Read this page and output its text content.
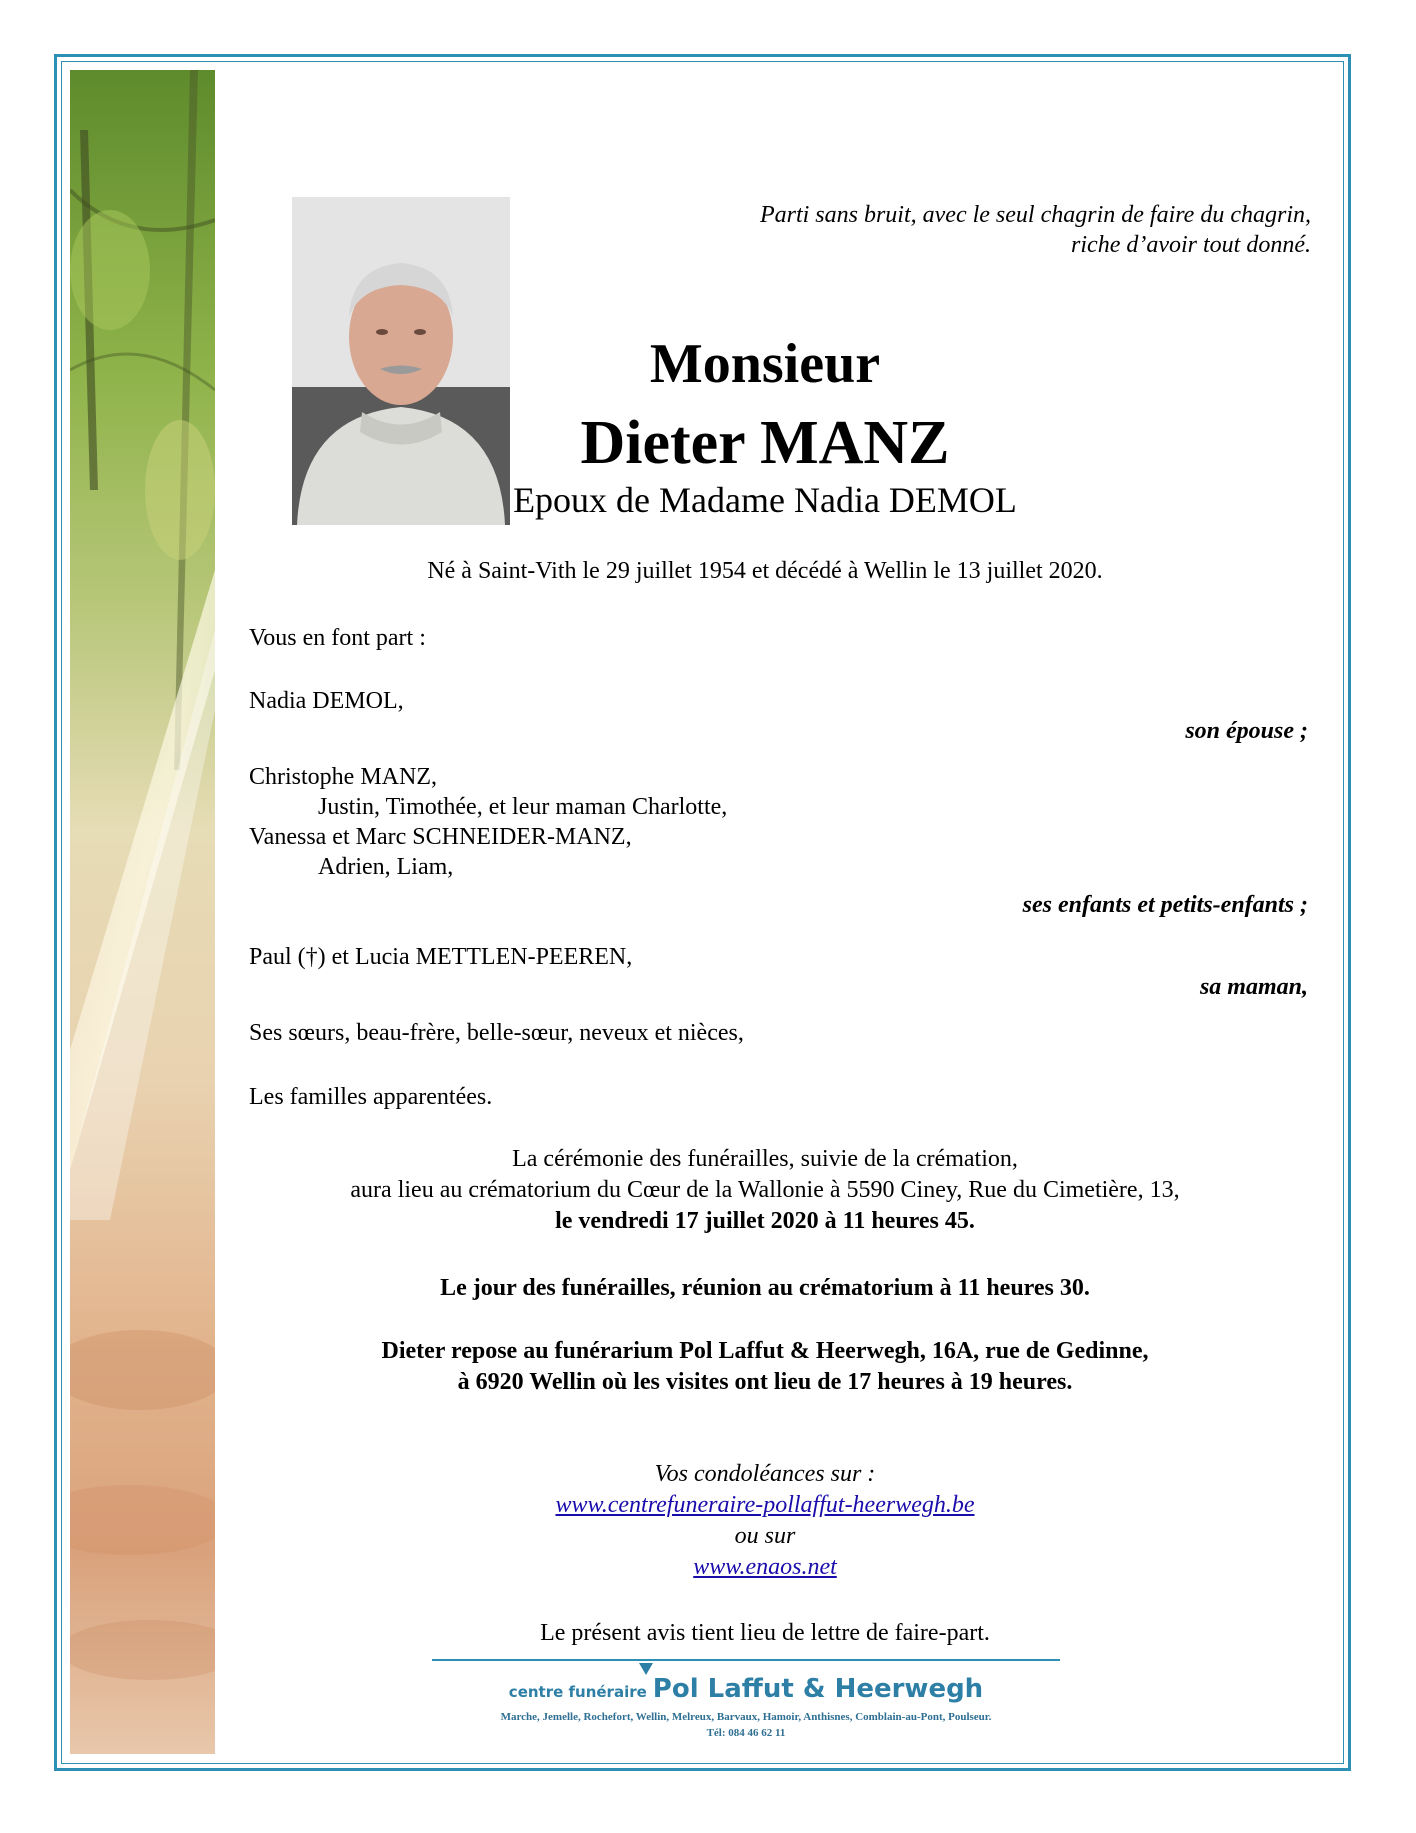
Parti sans bruit, avec le seul chagrin de faire du chagrin,
riche d’avoir tout donné.
Monsieur
Dieter MANZ
Epoux de Madame Nadia DEMOL
Né à Saint-Vith le 29 juillet 1954 et décédé à Wellin le 13 juillet 2020.
Vous en font part :
Nadia DEMOL,
son épouse ;
Christophe MANZ,
Justin, Timothée, et leur maman Charlotte,
Vanessa et Marc SCHNEIDER-MANZ,
Adrien, Liam,
ses enfants et petits-enfants ;
Paul (†) et Lucia METTLEN-PEEREN,
sa maman,
Ses sœurs, beau-frère, belle-sœur, neveux et nièces,
Les familles apparentées.
La cérémonie des funérailles, suivie de la crémation,
aura lieu au crématorium du Cœur de la Wallonie à 5590 Ciney, Rue du Cimetière, 13,
le vendredi 17 juillet 2020 à 11 heures 45.
Le jour des funérailles, réunion au crématorium à 11 heures 30.
Dieter repose au funérarium Pol Laffut & Heerwegh, 16A, rue de Gedinne,
à 6920 Wellin où les visites ont lieu de 17 heures à 19 heures.
Vos condoléances sur :
www.centrefuneraire-pollaffut-heerwegh.be
ou sur
www.enaos.net
Le présent avis tient lieu de lettre de faire-part.
centre funéraire Pol Laffut & Heerwegh
Marche, Jemelle, Rochefort, Wellin, Melreux, Barvaux, Hamoir, Anthisnes, Comblain-au-Pont, Poulseur.
Tél: 084 46 62 11
